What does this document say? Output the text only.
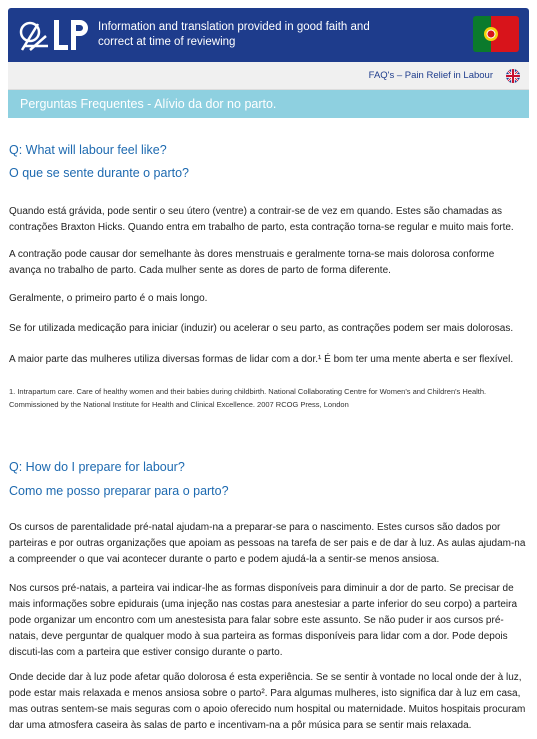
Information and translation provided in good faith and correct at time of reviewing
FAQ's – Pain Relief in Labour
Perguntas Frequentes - Alívio da dor no parto.
Q: What will labour feel like?
O que se sente durante o parto?
Quando está grávida, pode sentir o seu útero (ventre) a contrair-se de vez em quando. Estes são chamadas as contrações Braxton Hicks. Quando entra em trabalho de parto, esta contração torna-se regular e muito mais forte.
A contração pode causar dor semelhante às dores menstruais e geralmente torna-se mais dolorosa conforme avança no trabalho de parto. Cada mulher sente as dores de parto de forma diferente.
Geralmente, o primeiro parto é o mais longo.
Se for utilizada medicação para iniciar (induzir) ou acelerar o seu parto, as contrações podem ser mais dolorosas.
A maior parte das mulheres utiliza diversas formas de lidar com a dor.¹ É bom ter uma mente aberta e ser flexível.
1. Intrapartum care. Care of healthy women and their babies during childbirth. National Collaborating Centre for Women's and Children's Health. Commissioned by the National Institute for Health and Clinical Excellence. 2007 RCOG Press, London
Q: How do I prepare for labour?
Como me posso preparar para o parto?
Os cursos de parentalidade pré-natal ajudam-na a preparar-se para o nascimento. Estes cursos são dados por parteiras e por outras organizações que apoiam as pessoas na tarefa de ser pais e de dar à luz. As aulas ajudam-na a compreender o que vai acontecer durante o parto e podem ajudá-la a sentir-se menos ansiosa.
Nos cursos pré-natais, a parteira vai indicar-lhe as formas disponíveis para diminuir a dor de parto. Se precisar de mais informações sobre epidurais (uma injeção nas costas para anestesiar a parte inferior do seu corpo) a parteira pode organizar um encontro com um anestesista para falar sobre este assunto. Se não puder ir aos cursos pré-natais, deve perguntar de qualquer modo à sua parteira as formas disponíveis para lidar com a dor. Pode depois discuti-las com a parteira que estiver consigo durante o parto.
Onde decide dar à luz pode afetar quão dolorosa é esta experiência. Se se sentir à vontade no local onde der à luz, pode estar mais relaxada e menos ansiosa sobre o parto². Para algumas mulheres, isto significa dar à luz em casa, mas outras sentem-se mais seguras com o apoio oferecido num hospital ou maternidade. Muitos hospitais procuram dar uma atmosfera caseira às salas de parto e incentivam-na a pôr música para se sentir mais relaxada.
